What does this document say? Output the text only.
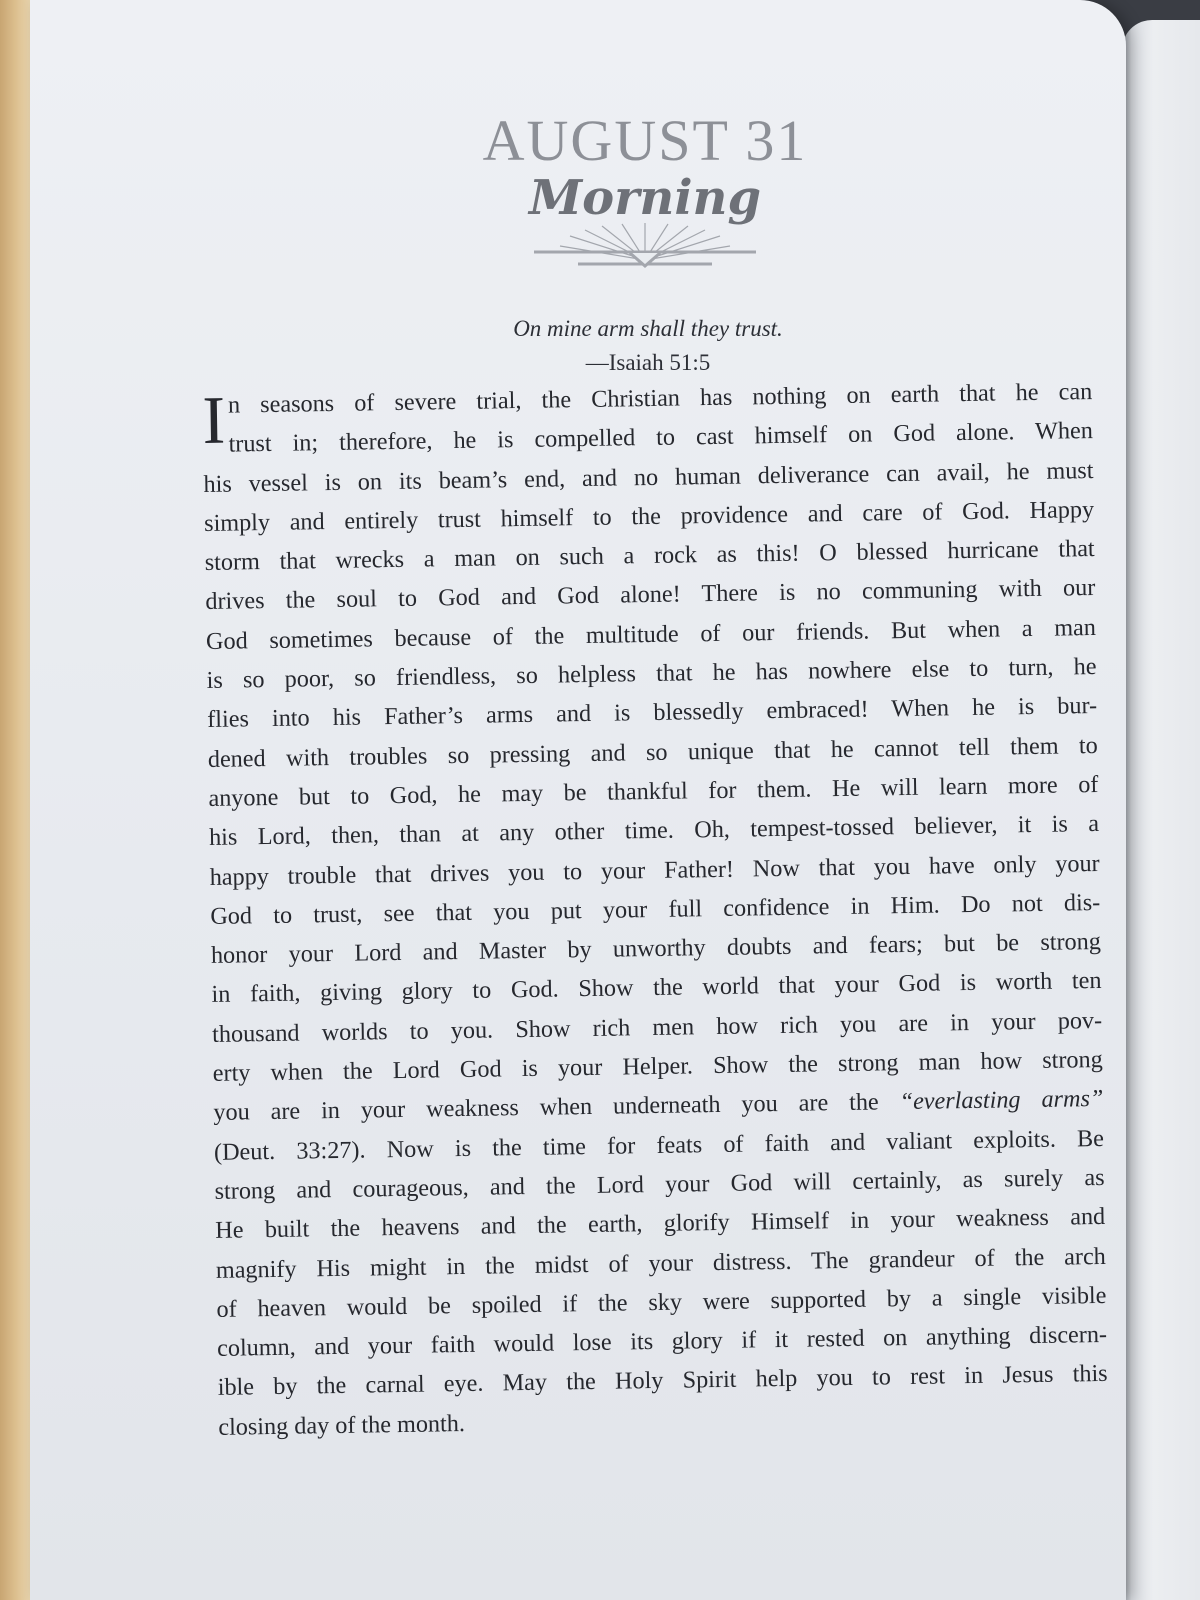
AUGUST 31
Morning
On mine arm shall they trust.
—Isaiah 51:5
I n seasons of severe trial, the Christian has nothing on earth that he can
trust in; therefore, he is compelled to cast himself on God alone. When
his vessel is on its beam’s end, and no human deliverance can avail, he must
simply and entirely trust himself to the providence and care of God. Happy
storm that wrecks a man on such a rock as this! O blessed hurricane that
drives the soul to God and God alone! There is no communing with our
God sometimes because of the multitude of our friends. But when a man
is so poor, so friendless, so helpless that he has nowhere else to turn, he
flies into his Father’s arms and is blessedly embraced! When he is bur-
dened with troubles so pressing and so unique that he cannot tell them to
anyone but to God, he may be thankful for them. He will learn more of
his Lord, then, than at any other time. Oh, tempest-tossed believer, it is a
happy trouble that drives you to your Father! Now that you have only your
God to trust, see that you put your full confidence in Him. Do not dis-
honor your Lord and Master by unworthy doubts and fears; but be strong
in faith, giving glory to God. Show the world that your God is worth ten
thousand worlds to you. Show rich men how rich you are in your pov-
erty when the Lord God is your Helper. Show the strong man how strong
you are in your weakness when underneath you are the “everlasting arms”
(Deut. 33:27). Now is the time for feats of faith and valiant exploits. Be
strong and courageous, and the Lord your God will certainly, as surely as
He built the heavens and the earth, glorify Himself in your weakness and
magnify His might in the midst of your distress. The grandeur of the arch
of heaven would be spoiled if the sky were supported by a single visible
column, and your faith would lose its glory if it rested on anything discern-
ible by the carnal eye. May the Holy Spirit help you to rest in Jesus this
closing day of the month.
